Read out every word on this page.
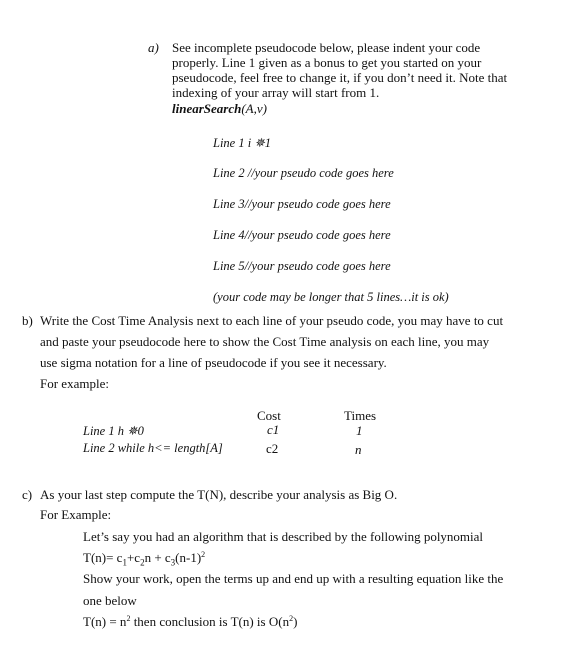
a) See incomplete pseudocode below, please indent your code
properly. Line 1 given as a bonus to get you started on your
pseudocode, feel free to change it, if you don’t need it. Note that
indexing of your array will start from 1.
linearSearch(A,v)
Line 1 i ✵1
Line 2 //your pseudo code goes here
Line 3//your pseudo code goes here
Line 4//your pseudo code goes here
Line 5//your pseudo code goes here
(your code may be longer that 5 lines…it is ok)
b) Write the Cost Time Analysis next to each line of your pseudo code, you may have to cut
and paste your pseudocode here to show the Cost Time analysis on each line, you may
use sigma notation for a line of pseudocode if you see it necessary.
For example:
Cost	Times
Line 1 h ✵0	c1	1
Line 2 while h<= length[A]	c2	n
c) As your last step compute the T(N), describe your analysis as Big O.
For Example:
Let’s say you had an algorithm that is described by the following polynomial
$T(n)= c_1+c_2n + c_3(n-1)^2$
Show your work, open the terms up and end up with a resulting equation like the
one below
$T(n) = n^2$ then conclusion is T(n) is $O(n^2)$
